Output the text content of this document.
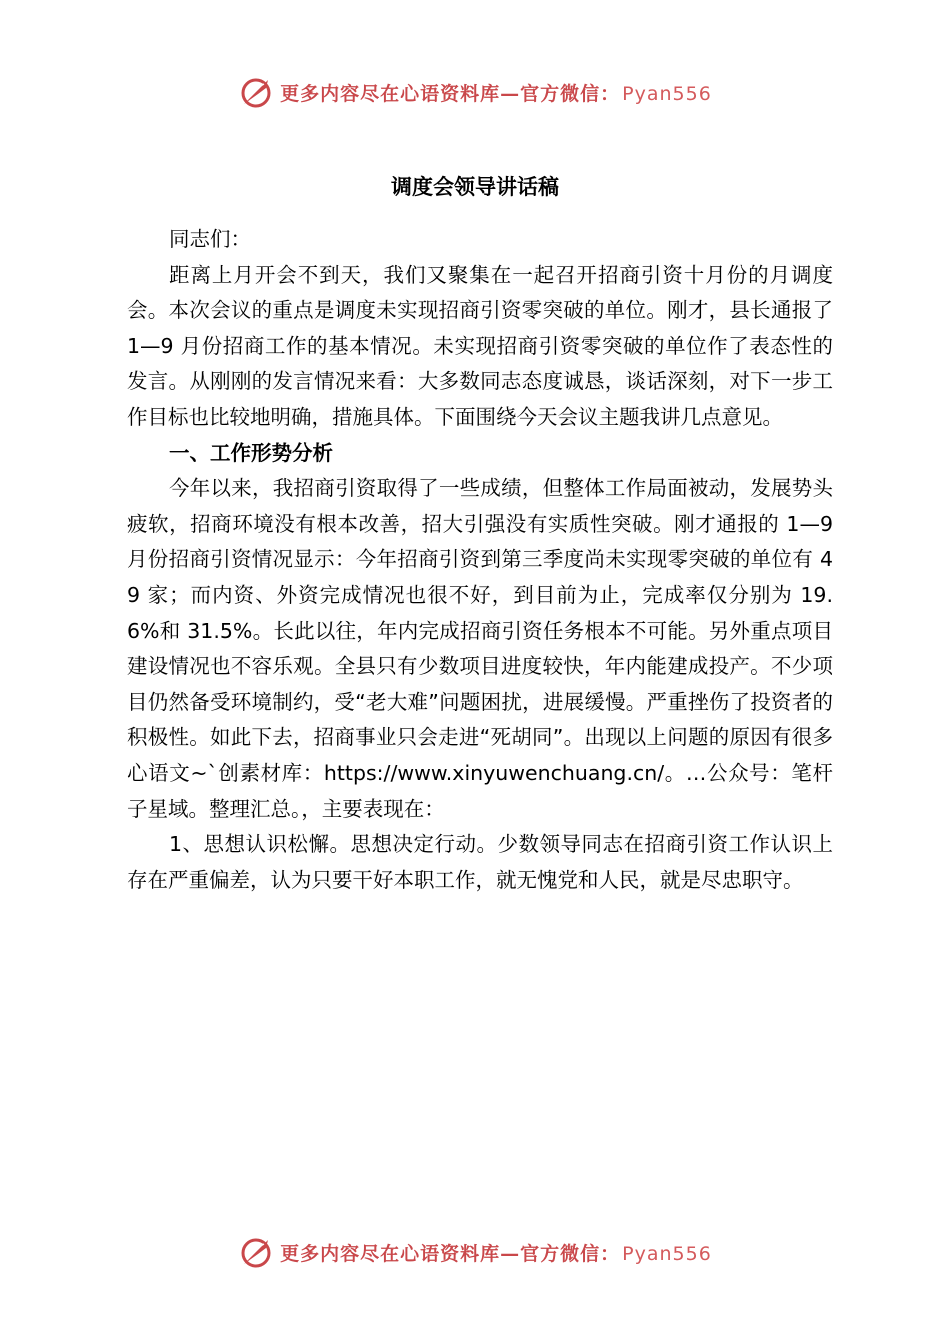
更多内容尽在心语资料库—官方微信： Pyan556
调度会领导讲话稿

同志们：

距离上月开会不到天，我们又聚集在一起召开招商引资十月份的月调度会。本次会议的重点是调度未实现招商引资零突破的单位。刚才，县长通报了 1—9 月份招商工作的基本情况。未实现招商引资零突破的单位作了表态性的发言。从刚刚的发言情况来看：大多数同志态度诚恳，谈话深刻，对下一步工作目标也比较地明确，措施具体。下面围绕今天会议主题我讲几点意见。

一、工作形势分析

今年以来，我招商引资取得了一些成绩，但整体工作局面被动，发展势头疲软，招商环境没有根本改善，招大引强没有实质性突破。刚才通报的 1—9 月份招商引资情况显示：今年招商引资到第三季度尚未实现零突破的单位有 49 家；而内资、外资完成情况也很不好，到目前为止，完成率仅分别为 19.6%和 31.5%。长此以往，年内完成招商引资任务根本不可能。另外重点项目建设情况也不容乐观。全县只有少数项目进度较快，年内能建成投产。不少项目仍然备受环境制约，受“老大难”问题困扰，进展缓慢。严重挫伤了投资者的积极性。如此下去，招商事业只会走进“死胡同”。出现以上问题的原因有很多心语文~`创素材库：https://www.xinyuwenchuang.cn/。…公众号：笔杆子星域。整理汇总。，主要表现在：

1、思想认识松懈。思想决定行动。少数领导同志在招商引资工作认识上存在严重偏差，认为只要干好本职工作，就无愧党和人民，就是尽忠职守。

更多内容尽在心语资料库—官方微信： Pyan556
